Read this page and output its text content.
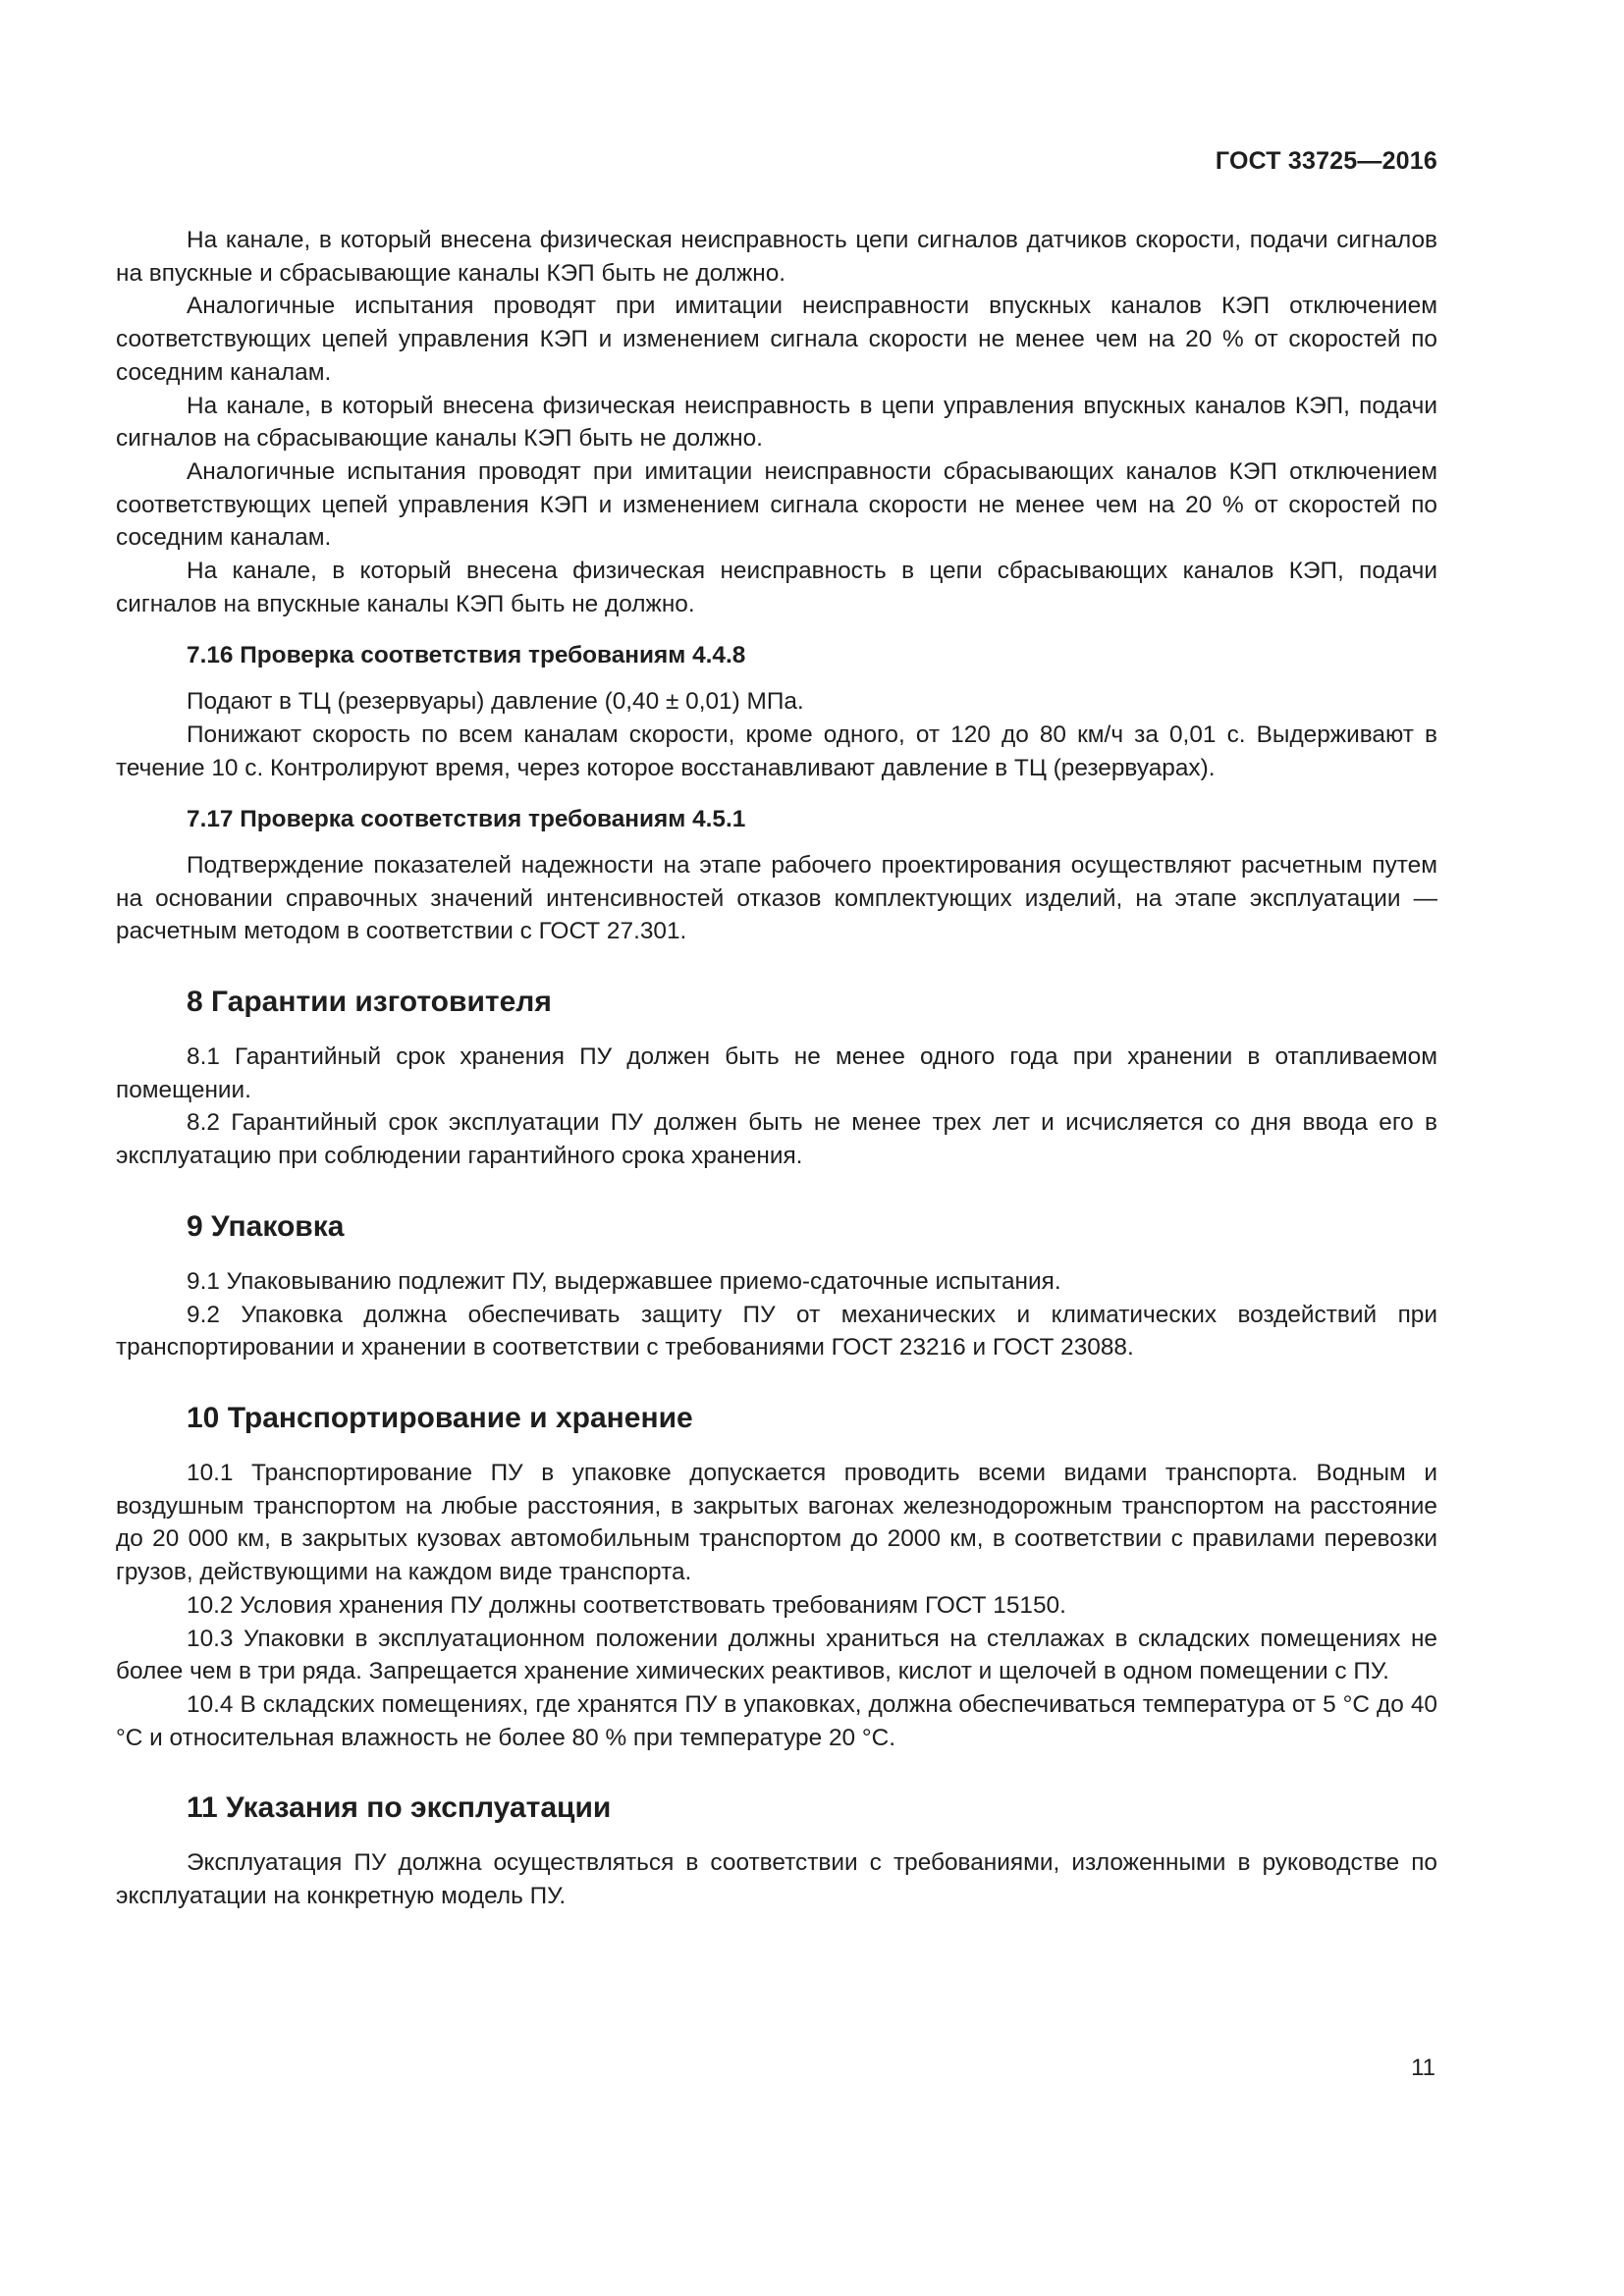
ГОСТ 33725—2016

На канале, в который внесена физическая неисправность цепи сигналов датчиков скорости, подачи сигналов на впускные и сбрасывающие каналы КЭП быть не должно.

Аналогичные испытания проводят при имитации неисправности впускных каналов КЭП отключением соответствующих цепей управления КЭП и изменением сигнала скорости не менее чем на 20 % от скоростей по соседним каналам.

На канале, в который внесена физическая неисправность в цепи управления впускных каналов КЭП, подачи сигналов на сбрасывающие каналы КЭП быть не должно.

Аналогичные испытания проводят при имитации неисправности сбрасывающих каналов КЭП отключением соответствующих цепей управления КЭП и изменением сигнала скорости не менее чем на 20 % от скоростей по соседним каналам.

На канале, в который внесена физическая неисправность в цепи сбрасывающих каналов КЭП, подачи сигналов на впускные каналы КЭП быть не должно.

7.16 Проверка соответствия требованиям 4.4.8

Подают в ТЦ (резервуары) давление (0,40 ± 0,01) МПа.

Понижают скорость по всем каналам скорости, кроме одного, от 120 до 80 км/ч за 0,01 с. Выдерживают в течение 10 с. Контролируют время, через которое восстанавливают давление в ТЦ (резервуарах).

7.17 Проверка соответствия требованиям 4.5.1

Подтверждение показателей надежности на этапе рабочего проектирования осуществляют расчетным путем на основании справочных значений интенсивностей отказов комплектующих изделий, на этапе эксплуатации — расчетным методом в соответствии с ГОСТ 27.301.

8 Гарантии изготовителя

8.1 Гарантийный срок хранения ПУ должен быть не менее одного года при хранении в отапливаемом помещении.

8.2 Гарантийный срок эксплуатации ПУ должен быть не менее трех лет и исчисляется со дня ввода его в эксплуатацию при соблюдении гарантийного срока хранения.

9 Упаковка

9.1 Упаковыванию подлежит ПУ, выдержавшее приемо-сдаточные испытания.

9.2 Упаковка должна обеспечивать защиту ПУ от механических и климатических воздействий при транспортировании и хранении в соответствии с требованиями ГОСТ 23216 и ГОСТ 23088.

10 Транспортирование и хранение

10.1 Транспортирование ПУ в упаковке допускается проводить всеми видами транспорта. Водным и воздушным транспортом на любые расстояния, в закрытых вагонах железнодорожным транспортом на расстояние до 20 000 км, в закрытых кузовах автомобильным транспортом до 2000 км, в соответствии с правилами перевозки грузов, действующими на каждом виде транспорта.

10.2 Условия хранения ПУ должны соответствовать требованиям ГОСТ 15150.

10.3 Упаковки в эксплуатационном положении должны храниться на стеллажах в складских помещениях не более чем в три ряда. Запрещается хранение химических реактивов, кислот и щелочей в одном помещении с ПУ.

10.4 В складских помещениях, где хранятся ПУ в упаковках, должна обеспечиваться температура от 5 °C до 40 °C и относительная влажность не более 80 % при температуре 20 °C.

11 Указания по эксплуатации

Эксплуатация ПУ должна осуществляться в соответствии с требованиями, изложенными в руководстве по эксплуатации на конкретную модель ПУ.

11
